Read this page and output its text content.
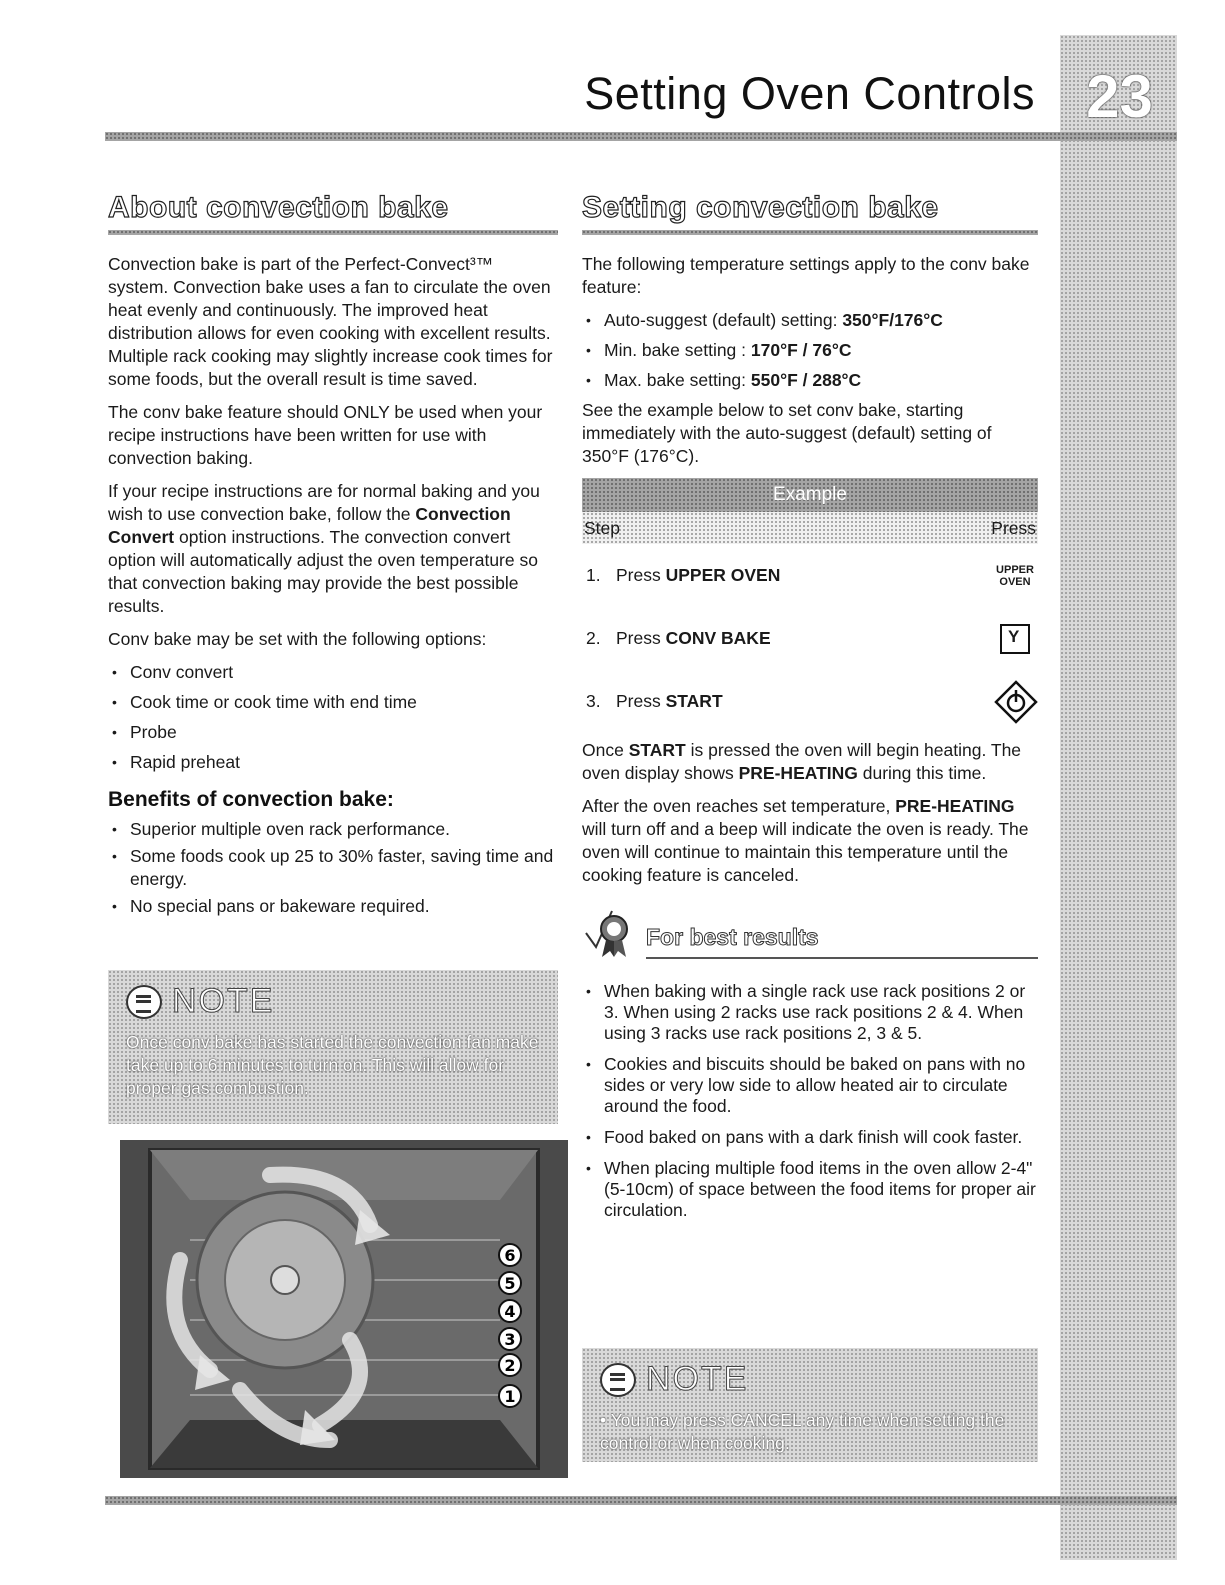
Setting Oven Controls 23
About convection bake

Convection bake is part of the Perfect-Convect³™ system. Convection bake uses a fan to circulate the oven heat evenly and continuously. The improved heat distribution allows for even cooking with excellent results. Multiple rack cooking may slightly increase cook times for some foods, but the overall result is time saved.

The conv bake feature should ONLY be used when your recipe instructions have been written for use with convection baking.

If your recipe instructions are for normal baking and you wish to use convection bake, follow the Convection Convert option instructions. The convection convert option will automatically adjust the oven temperature so that convection baking may provide the best possible results.

Conv bake may be set with the following options:

• Conv convert
• Cook time or cook time with end time
• Probe
• Rapid preheat
Benefits of convection bake:
• Superior multiple oven rack performance.
• Some foods cook up 25 to 30% faster, saving time and energy.
• No special pans or bakeware required.
NOTE
Once conv bake has started the convection fan make take up to 6 minutes to turn on. This will allow for proper gas combustion.
6
5
4
3
2
1
Setting convection bake

The following temperature settings apply to the conv bake feature:

• Auto-suggest (default) setting: 350°F/176°C
• Min. bake setting : 170°F / 76°C
• Max. bake setting: 550°F / 288°C

See the example below to set conv bake, starting immediately with the auto-suggest (default) setting of 350°F (176°C).

Example
Step	Press
1. Press UPPER OVEN	UPPER
OVEN
2. Press CONV BAKE
Y
3. Press START

Once START is pressed the oven will begin heating. The oven display shows PRE-HEATING during this time.

After the oven reaches set temperature, PRE-HEATING will turn off and a beep will indicate the oven is ready. The oven will continue to maintain this temperature until the cooking feature is canceled.

For best results
• When baking with a single rack use rack positions 2 or 3. When using 2 racks use rack positions 2 & 4. When using 3 racks use rack positions 2, 3 & 5.
• Cookies and biscuits should be baked on pans with no sides or very low side to allow heated air to circulate around the food.
• Food baked on pans with a dark finish will cook faster.
• When placing multiple food items in the oven allow 2-4" (5-10cm) of space between the food items for proper air circulation.
NOTE
• You may press CANCEL any time when setting the control or when cooking.
